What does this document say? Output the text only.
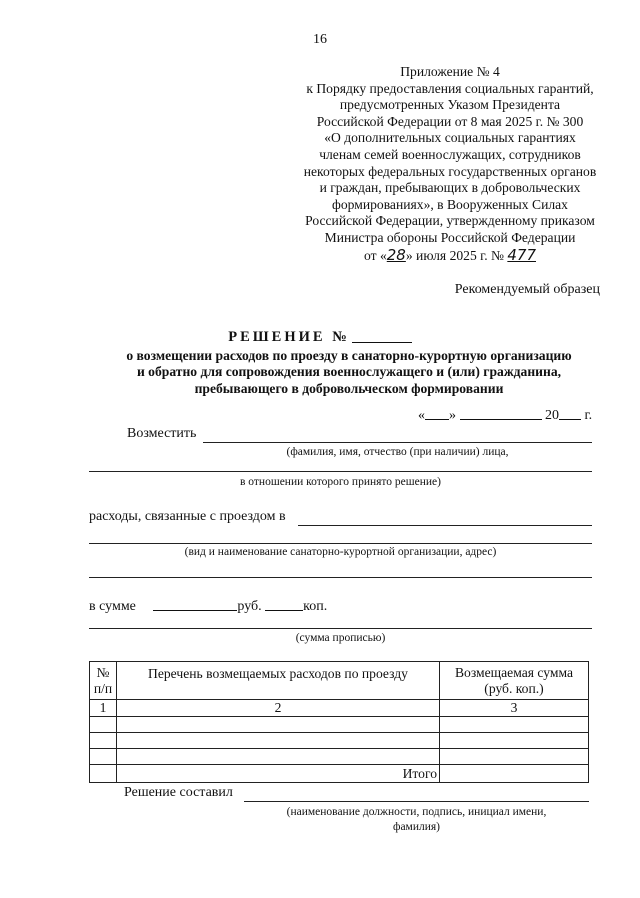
16
Приложение № 4
к Порядку предоставления социальных гарантий,
предусмотренных Указом Президента
Российской Федерации от 8 мая 2025 г. № 300
«О дополнительных социальных гарантиях
членам семей военнослужащих, сотрудников
некоторых федеральных государственных органов
и граждан, пребывающих в добровольческих
формированиях», в Вооруженных Силах
Российской Федерации, утвержденному приказом
Министра обороны Российской Федерации
от «28» июля 2025 г. № 477
Рекомендуемый образец
РЕШЕНИЕ №
о возмещении расходов по проезду в санаторно-курортную организацию
и обратно для сопровождения военнослужащего и (или) гражданина,
пребывающего в добровольческом формировании
« »	20 г.
Возместить
(фамилия, имя, отчество (при наличии) лица,
в отношении которого принято решение)
расходы, связанные с проездом в
(вид и наименование санаторно-курортной организации, адрес)
в сумме	руб.	коп.
(сумма прописью)
№
п/п	Перечень возмещаемых расходов по проезду	Возмещаемая сумма
(руб. коп.)
1	2	3

	Итого	
Решение составил
(наименование должности, подпись, инициал имени,
фамилия)
